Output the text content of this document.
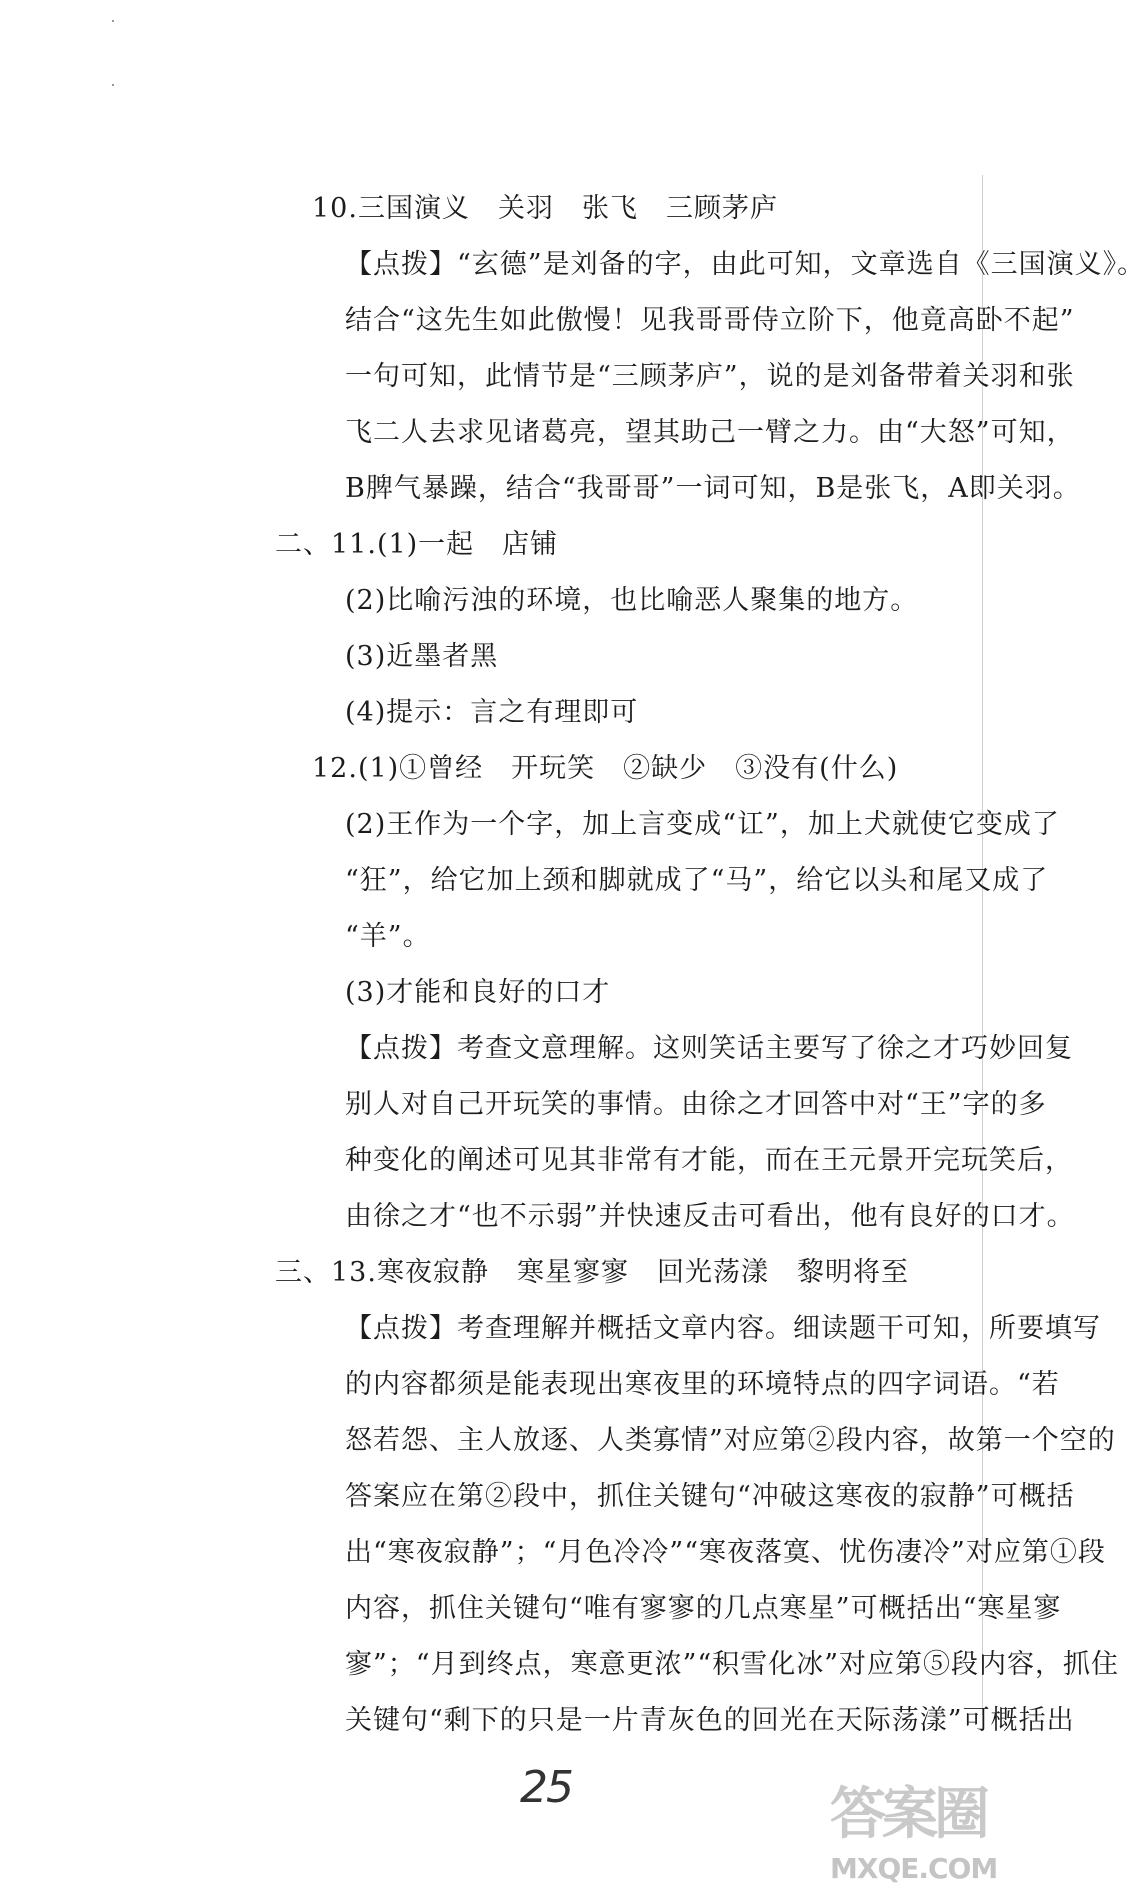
10.三国演义　关羽　张飞　三顾茅庐
【点拨】“玄德”是刘备的字，由此可知，文章选自《三国演义》。
结合“这先生如此傲慢！见我哥哥侍立阶下，他竟高卧不起”
一句可知，此情节是“三顾茅庐”，说的是刘备带着关羽和张
飞二人去求见诸葛亮，望其助己一臂之力。由“大怒”可知，
B脾气暴躁，结合“我哥哥”一词可知，B是张飞，A即关羽。
二、11.(1)一起　店铺
(2)比喻污浊的环境，也比喻恶人聚集的地方。
(3)近墨者黑
(4)提示：言之有理即可
12.(1)①曾经　开玩笑　②缺少　③没有(什么)
(2)王作为一个字，加上言变成“讧”，加上犬就使它变成了
“狂”，给它加上颈和脚就成了“马”，给它以头和尾又成了
“羊”。
(3)才能和良好的口才
【点拨】考查文意理解。这则笑话主要写了徐之才巧妙回复
别人对自己开玩笑的事情。由徐之才回答中对“王”字的多
种变化的阐述可见其非常有才能，而在王元景开完玩笑后，
由徐之才“也不示弱”并快速反击可看出，他有良好的口才。
三、13.寒夜寂静　寒星寥寥　回光荡漾　黎明将至
【点拨】考查理解并概括文章内容。细读题干可知，所要填写
的内容都须是能表现出寒夜里的环境特点的四字词语。“若
怒若怨、主人放逐、人类寡情”对应第②段内容，故第一个空的
答案应在第②段中，抓住关键句“冲破这寒夜的寂静”可概括
出“寒夜寂静”；“月色冷冷”“寒夜落寞、忧伤凄冷”对应第①段
内容，抓住关键句“唯有寥寥的几点寒星”可概括出“寒星寥
寥”；“月到终点，寒意更浓”“积雪化冰”对应第⑤段内容，抓住
关键句“剩下的只是一片青灰色的回光在天际荡漾”可概括出
25	答案圈
MXQE.COM
